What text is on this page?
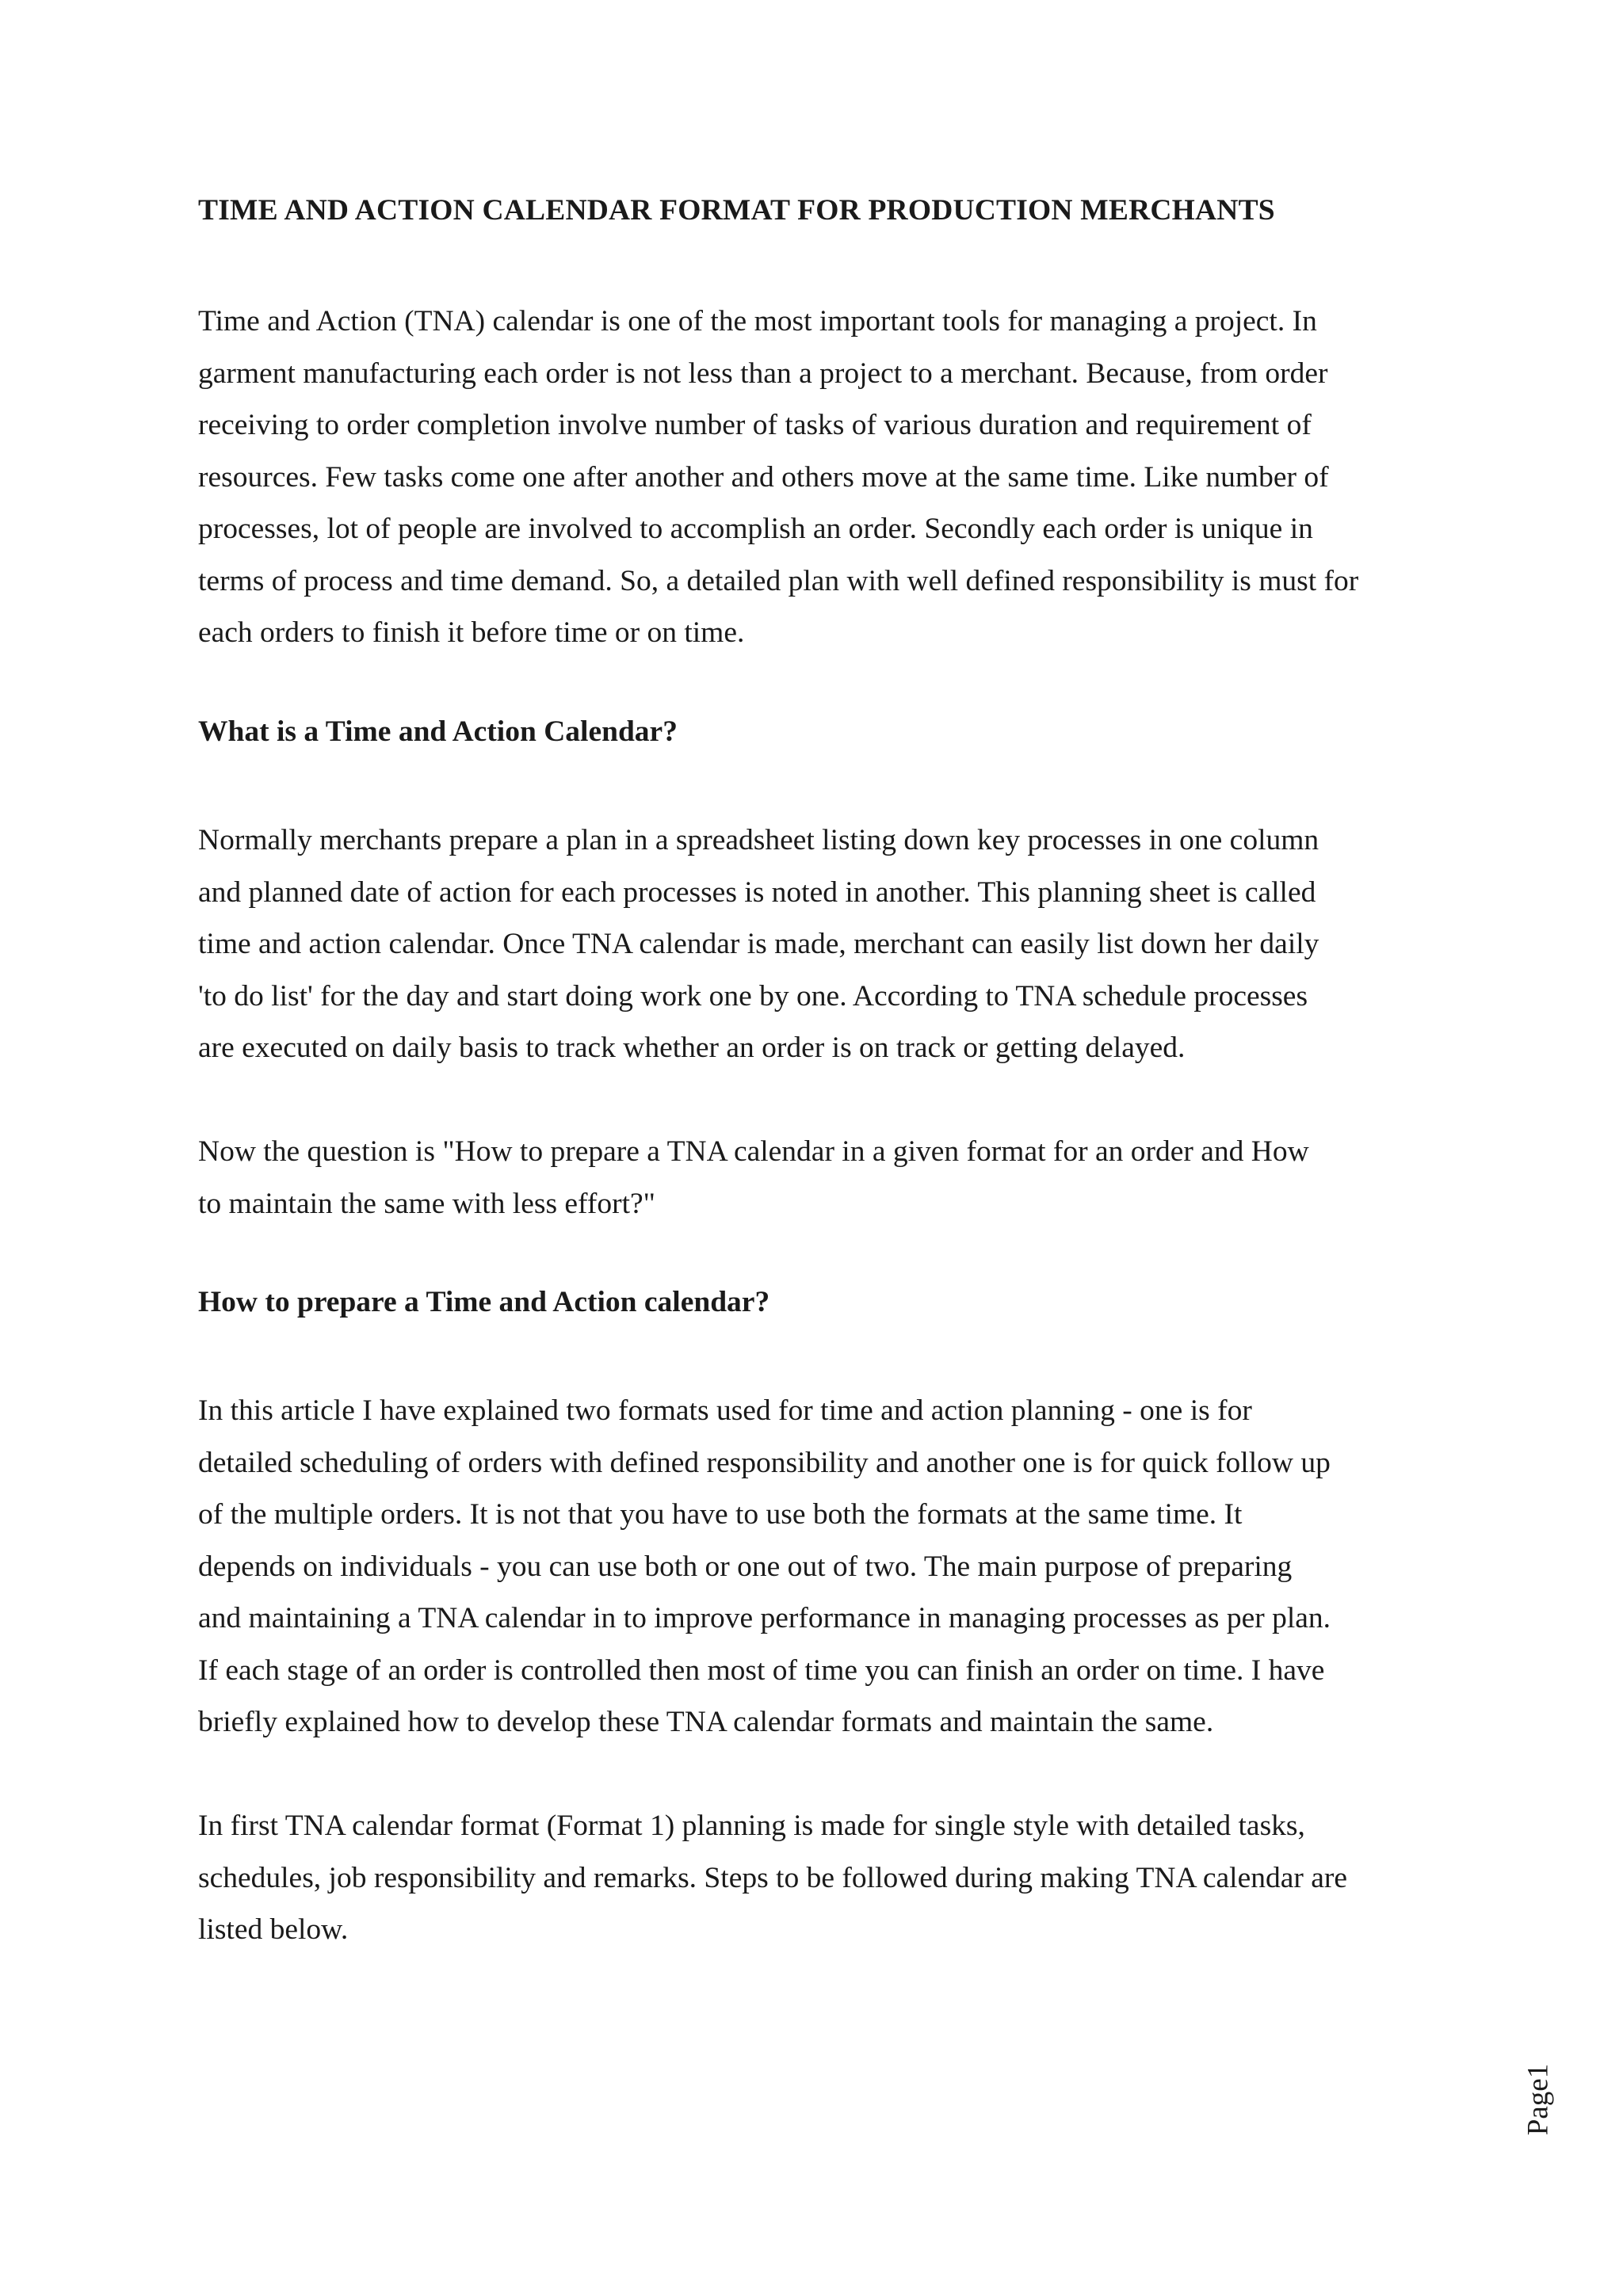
TIME AND ACTION CALENDAR FORMAT FOR PRODUCTION MERCHANTS

Time and Action (TNA) calendar is one of the most important tools for managing a project. In
garment manufacturing each order is not less than a project to a merchant. Because, from order
receiving to order completion involve number of tasks of various duration and requirement of
resources. Few tasks come one after another and others move at the same time. Like number of
processes, lot of people are involved to accomplish an order. Secondly each order is unique in
terms of process and time demand. So, a detailed plan with well defined responsibility is must for
each orders to finish it before time or on time.

What is a Time and Action Calendar?

Normally merchants prepare a plan in a spreadsheet listing down key processes in one column
and planned date of action for each processes is noted in another. This planning sheet is called
time and action calendar. Once TNA calendar is made, merchant can easily list down her daily
'to do list' for the day and start doing work one by one. According to TNA schedule processes
are executed on daily basis to track whether an order is on track or getting delayed.

Now the question is "How to prepare a TNA calendar in a given format for an order and How
to maintain the same with less effort?"

How to prepare a Time and Action calendar?

In this article I have explained two formats used for time and action planning - one is for
detailed scheduling of orders with defined responsibility and another one is for quick follow up
of the multiple orders. It is not that you have to use both the formats at the same time. It
depends on individuals - you can use both or one out of two. The main purpose of preparing
and maintaining a TNA calendar in to improve performance in managing processes as per plan.
If each stage of an order is controlled then most of time you can finish an order on time. I have
briefly explained how to develop these TNA calendar formats and maintain the same.

In first TNA calendar format (Format 1) planning is made for single style with detailed tasks,
schedules, job responsibility and remarks. Steps to be followed during making TNA calendar are
listed below.

Page1
